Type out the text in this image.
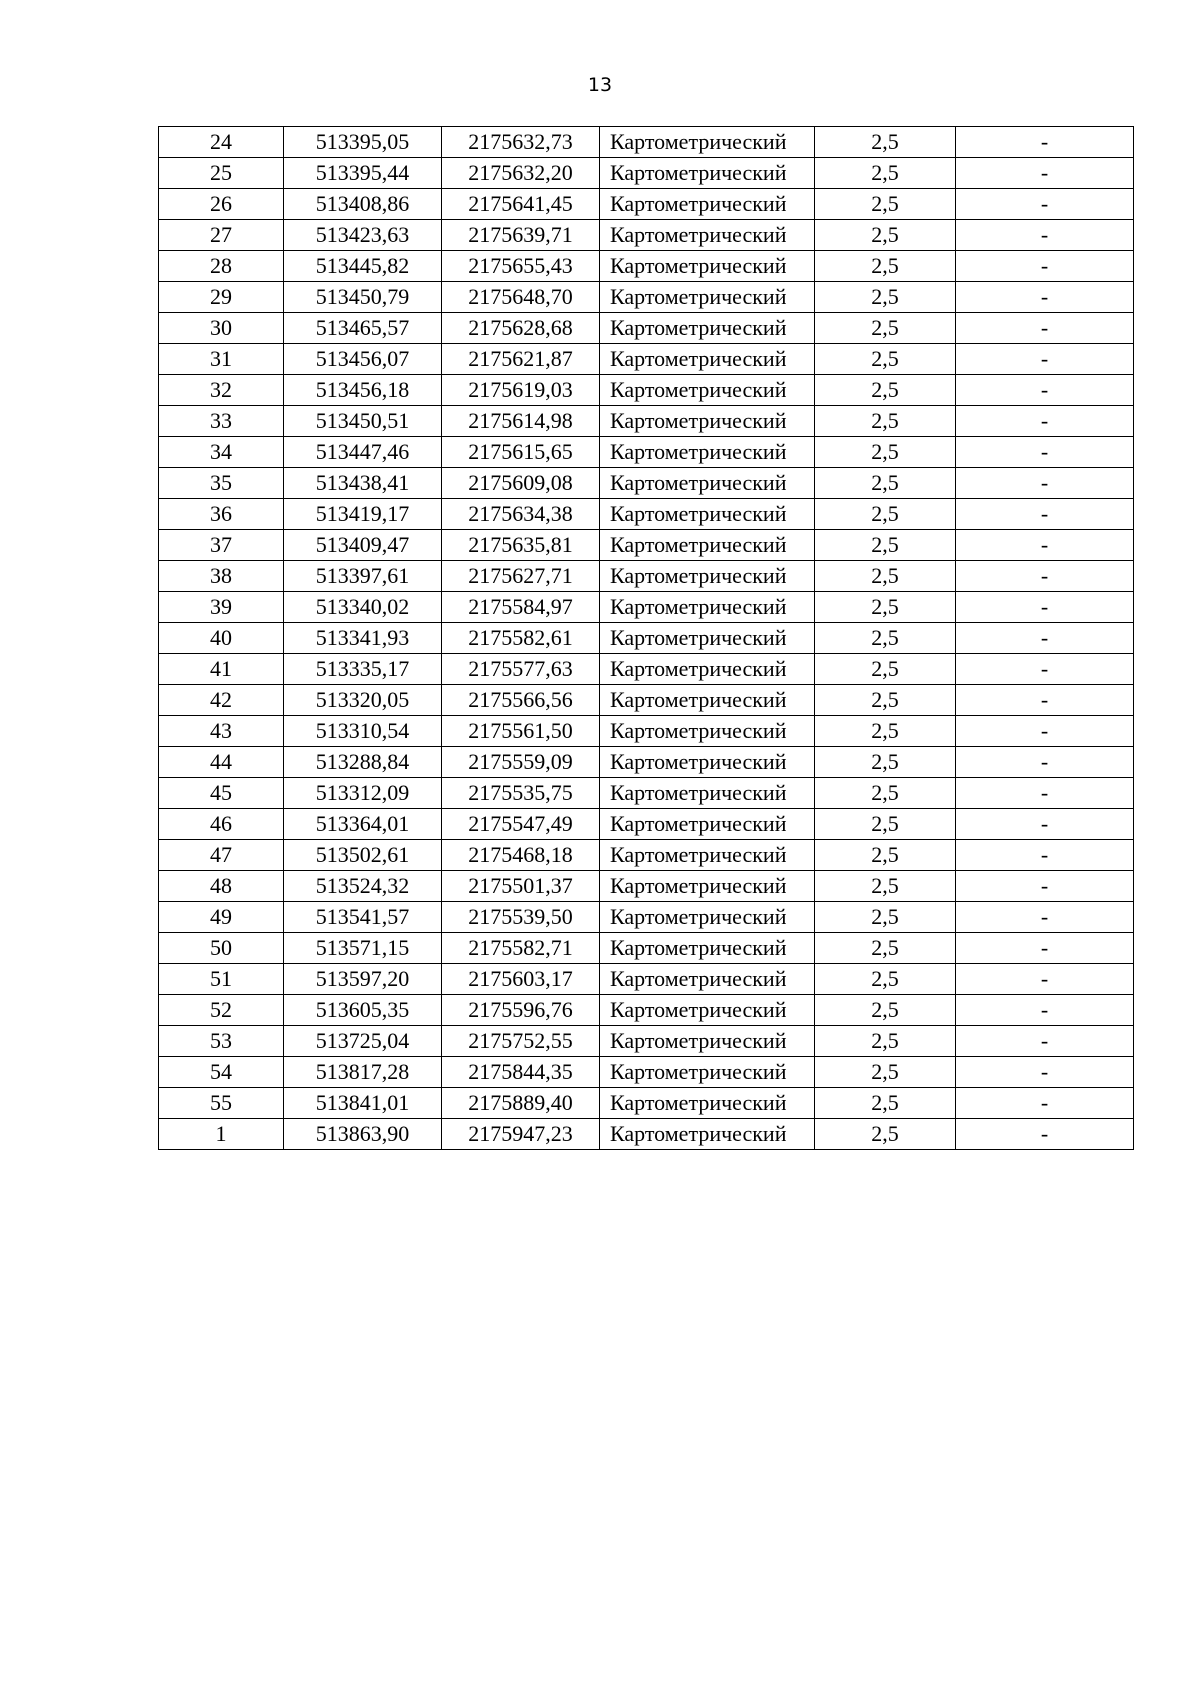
13
24	513395,05	2175632,73	Картометрический	2,5	-
25	513395,44	2175632,20	Картометрический	2,5	-
26	513408,86	2175641,45	Картометрический	2,5	-
27	513423,63	2175639,71	Картометрический	2,5	-
28	513445,82	2175655,43	Картометрический	2,5	-
29	513450,79	2175648,70	Картометрический	2,5	-
30	513465,57	2175628,68	Картометрический	2,5	-
31	513456,07	2175621,87	Картометрический	2,5	-
32	513456,18	2175619,03	Картометрический	2,5	-
33	513450,51	2175614,98	Картометрический	2,5	-
34	513447,46	2175615,65	Картометрический	2,5	-
35	513438,41	2175609,08	Картометрический	2,5	-
36	513419,17	2175634,38	Картометрический	2,5	-
37	513409,47	2175635,81	Картометрический	2,5	-
38	513397,61	2175627,71	Картометрический	2,5	-
39	513340,02	2175584,97	Картометрический	2,5	-
40	513341,93	2175582,61	Картометрический	2,5	-
41	513335,17	2175577,63	Картометрический	2,5	-
42	513320,05	2175566,56	Картометрический	2,5	-
43	513310,54	2175561,50	Картометрический	2,5	-
44	513288,84	2175559,09	Картометрический	2,5	-
45	513312,09	2175535,75	Картометрический	2,5	-
46	513364,01	2175547,49	Картометрический	2,5	-
47	513502,61	2175468,18	Картометрический	2,5	-
48	513524,32	2175501,37	Картометрический	2,5	-
49	513541,57	2175539,50	Картометрический	2,5	-
50	513571,15	2175582,71	Картометрический	2,5	-
51	513597,20	2175603,17	Картометрический	2,5	-
52	513605,35	2175596,76	Картометрический	2,5	-
53	513725,04	2175752,55	Картометрический	2,5	-
54	513817,28	2175844,35	Картометрический	2,5	-
55	513841,01	2175889,40	Картометрический	2,5	-
1	513863,90	2175947,23	Картометрический	2,5	-
